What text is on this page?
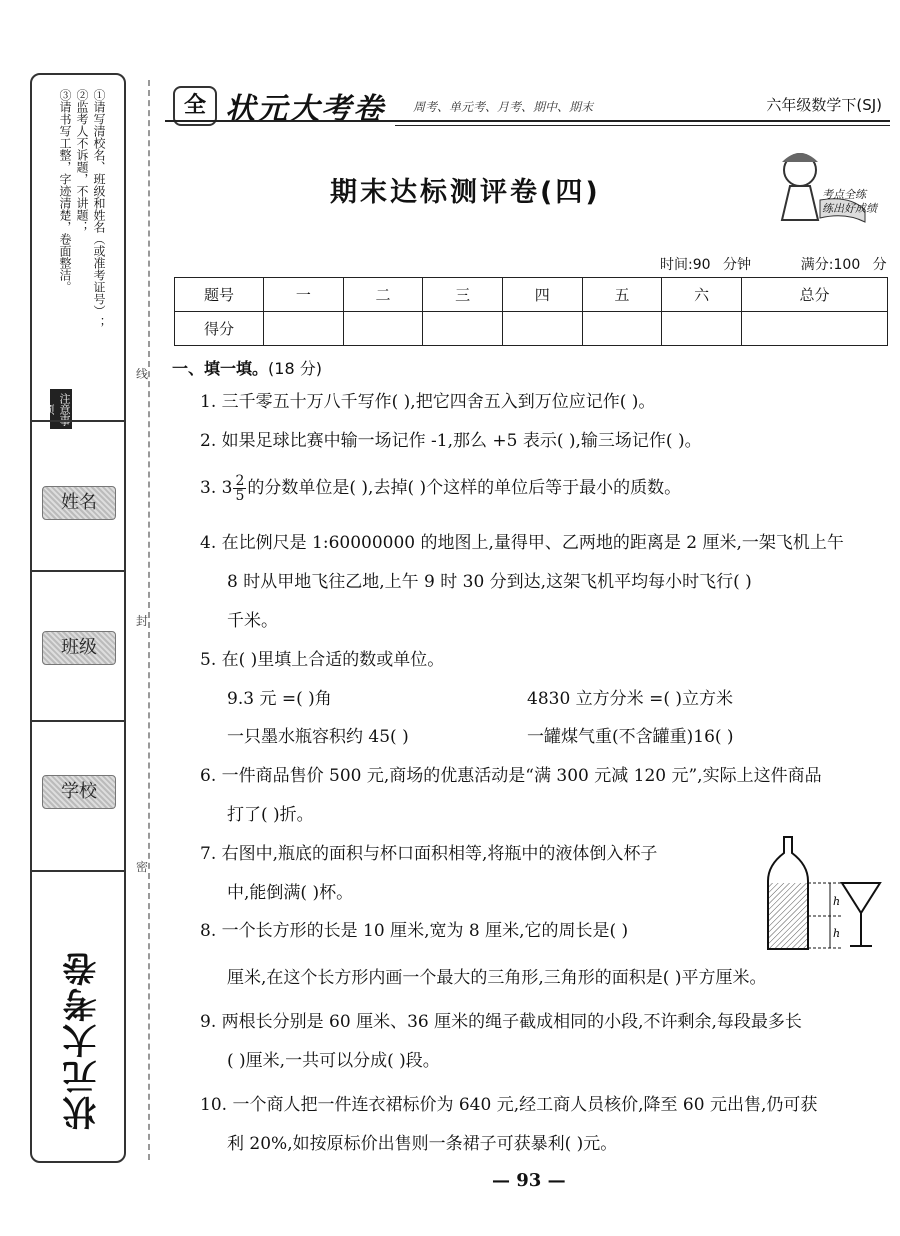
①请写清校名、班级和姓名（或准考证号）；
②监考人不诉题，不讲题；
③请书写工整，字迹清楚，卷面整洁。
注意事项
姓名
班级
学校
状元大考卷
线
封
密
全 状元大考卷 周考、单元考、月考、期中、期末	六年级数学下(SJ)
期末达标测评卷(四)	考点全练
练出好成绩
时间:90 分钟	满分:100 分
题号	一	二	三	四	五	六	总分
得分							
一、填一填。(18 分)
1. 三千零五十万八千写作( ),把它四舍五入到万位应记作( )。
2. 如果足球比赛中输一场记作 -1,那么 +5 表示( ),输三场记作( )。
3. $3 \frac{2}{5}$ 的分数单位是( ),去掉( )个这样的单位后等于最小的质数。
4. 在比例尺是 1:60000000 的地图上,量得甲、乙两地的距离是 2 厘米,一架飞机上午
8 时从甲地飞往乙地,上午 9 时 30 分到达,这架飞机平均每小时飞行( )
千米。
5. 在( )里填上合适的数或单位。
9.3 元 =( )角	4830 立方分米 =( )立方米
一只墨水瓶容积约 45( )	一罐煤气重(不含罐重)16( )
6. 一件商品售价 500 元,商场的优惠活动是“满 300 元减 120 元”,实际上这件商品
打了( )折。
7. 右图中,瓶底的面积与杯口面积相等,将瓶中的液体倒入杯子
中,能倒满( )杯。
8. 一个长方形的长是 10 厘米,宽为 8 厘米,它的周长是( )
厘米,在这个长方形内画一个最大的三角形,三角形的面积是( )平方厘米。
9. 两根长分别是 60 厘米、36 厘米的绳子截成相同的小段,不许剩余,每段最多长
( )厘米,一共可以分成( )段。
10. 一个商人把一件连衣裙标价为 640 元,经工商人员核价,降至 60 元出售,仍可获
利 20%,如按原标价出售则一条裙子可获暴利( )元。
h
h
— 93 —
